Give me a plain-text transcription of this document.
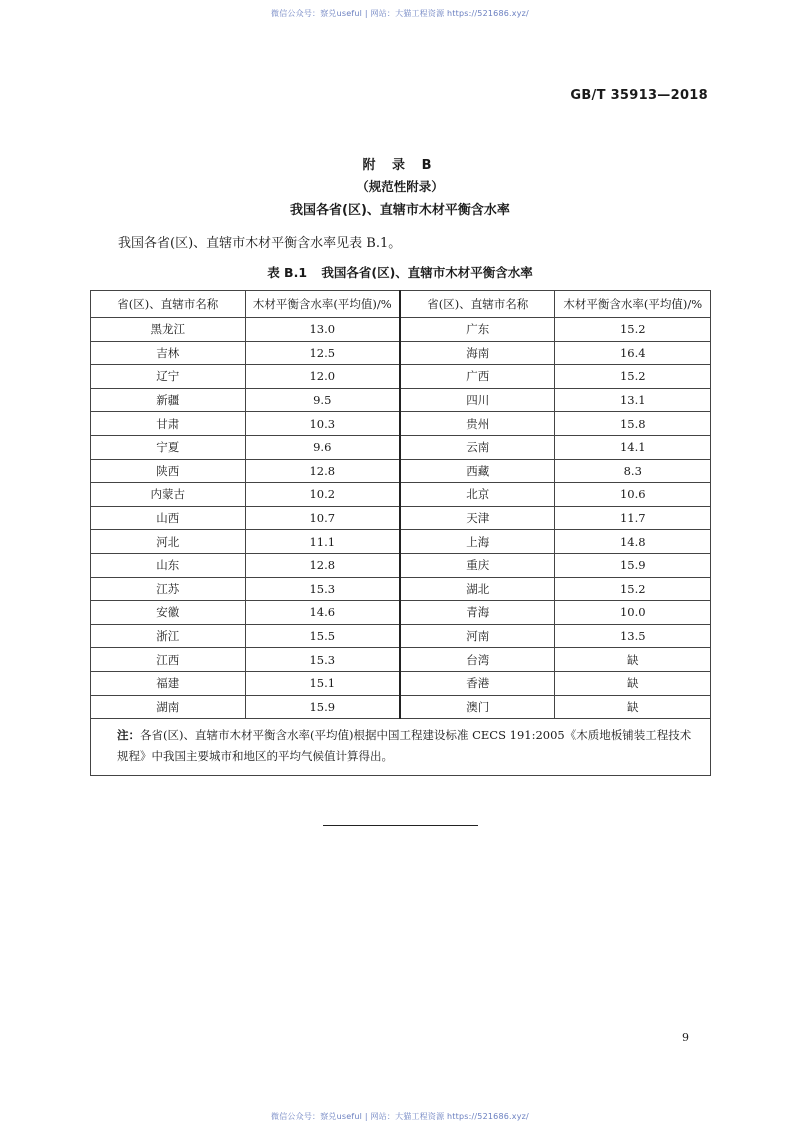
微信公众号：察兑useful | 网站：大猫工程资源 https://521686.xyz/
GB/T 35913—2018
附 录 B
（规范性附录）
我国各省(区)、直辖市木材平衡含水率
我国各省(区)、直辖市木材平衡含水率见表 B.1。
表 B.1 我国各省(区)、直辖市木材平衡含水率
省(区)、直辖市名称	木材平衡含水率(平均值)/%	省(区)、直辖市名称	木材平衡含水率(平均值)/%
黑龙江	13.0	广东	15.2
吉林	12.5	海南	16.4
辽宁	12.0	广西	15.2
新疆	9.5	四川	13.1
甘肃	10.3	贵州	15.8
宁夏	9.6	云南	14.1
陕西	12.8	西藏	8.3
内蒙古	10.2	北京	10.6
山西	10.7	天津	11.7
河北	11.1	上海	14.8
山东	12.8	重庆	15.9
江苏	15.3	湖北	15.2
安徽	14.6	青海	10.0
浙江	15.5	河南	13.5
江西	15.3	台湾	缺
福建	15.1	香港	缺
湖南	15.9	澳门	缺
注：各省(区)、直辖市木材平衡含水率(平均值)根据中国工程建设标准 CECS 191:2005《木质地板铺装工程技术规程》中我国主要城市和地区的平均气候值计算得出。			
9
微信公众号：察兑useful | 网站：大猫工程资源 https://521686.xyz/
